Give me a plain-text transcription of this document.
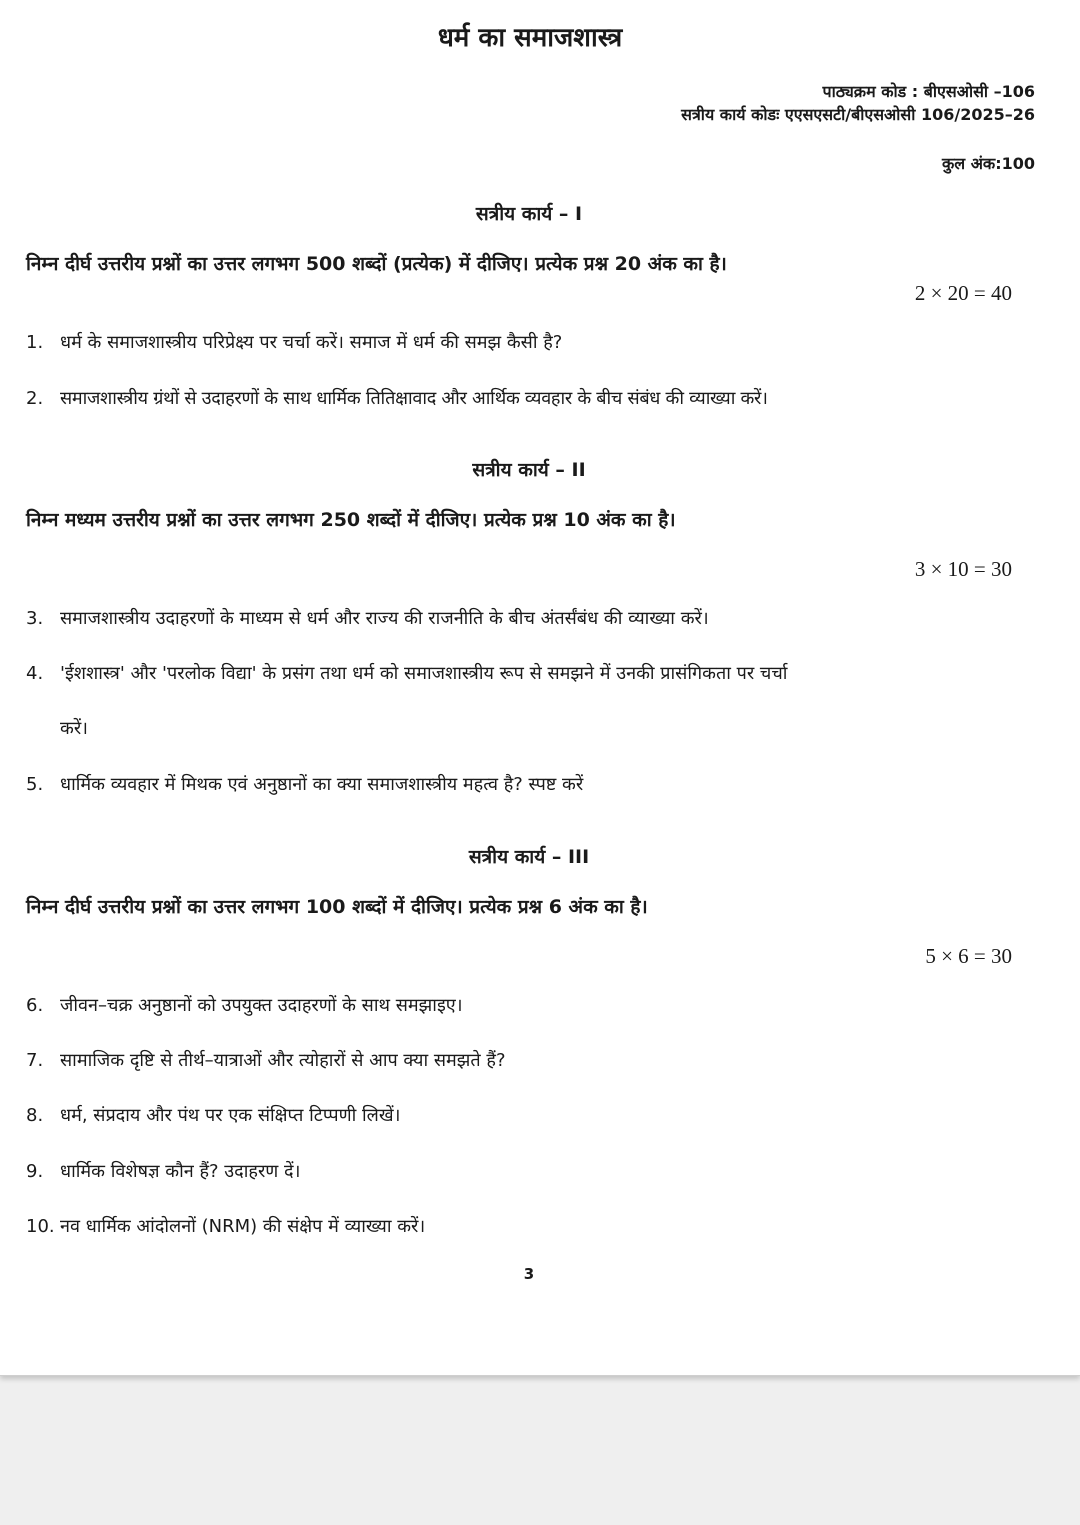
धर्म का समाजशास्त्र
पाठ्यक्रम कोड : बीएसओसी –106
सत्रीय कार्य कोडः एएसएसटी/बीएसओसी 106/2025–26
कुल अंक:100
सत्रीय कार्य – I
निम्न दीर्घ उत्तरीय प्रश्नों का उत्तर लगभग 500 शब्दों (प्रत्येक) में दीजिए। प्रत्येक प्रश्न 20 अंक का है।
2 × 20 = 40
1. धर्म के समाजशास्त्रीय परिप्रेक्ष्य पर चर्चा करें। समाज में धर्म की समझ कैसी है?
2. समाजशास्त्रीय ग्रंथों से उदाहरणों के साथ धार्मिक तितिक्षावाद और आर्थिक व्यवहार के बीच संबंध की व्याख्या करें।
सत्रीय कार्य – II
निम्न मध्यम उत्तरीय प्रश्नों का उत्तर लगभग 250 शब्दों में दीजिए। प्रत्येक प्रश्न 10 अंक का है।
3 × 10 = 30
3. समाजशास्त्रीय उदाहरणों के माध्यम से धर्म और राज्य की राजनीति के बीच अंतर्संबंध की व्याख्या करें।
4. 'ईशशास्त्र' और 'परलोक विद्या' के प्रसंग तथा धर्म को समाजशास्त्रीय रूप से समझने में उनकी प्रासंगिकता पर चर्चा
करें।
5. धार्मिक व्यवहार में मिथक एवं अनुष्ठानों का क्या समाजशास्त्रीय महत्व है? स्पष्ट करें
सत्रीय कार्य – III
निम्न दीर्घ उत्तरीय प्रश्नों का उत्तर लगभग 100 शब्दों में दीजिए। प्रत्येक प्रश्न 6 अंक का है।
5 × 6 = 30
6. जीवन–चक्र अनुष्ठानों को उपयुक्त उदाहरणों के साथ समझाइए।
7. सामाजिक दृष्टि से तीर्थ–यात्राओं और त्योहारों से आप क्या समझते हैं?
8. धर्म, संप्रदाय और पंथ पर एक संक्षिप्त टिप्पणी लिखें।
9. धार्मिक विशेषज्ञ कौन हैं? उदाहरण दें।
10. नव धार्मिक आंदोलनों (NRM) की संक्षेप में व्याख्या करें।
3
